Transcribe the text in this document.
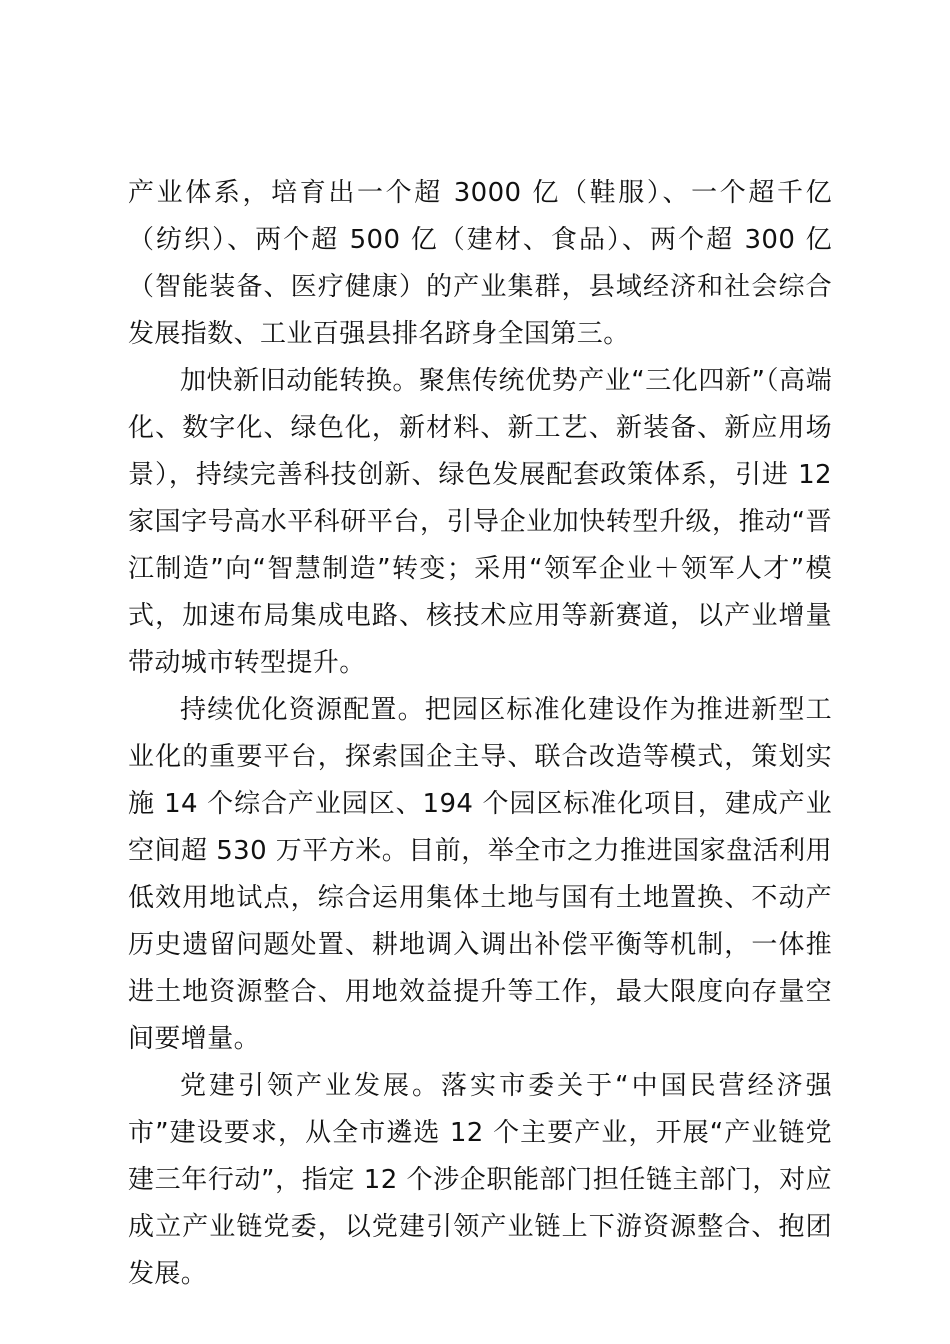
产业体系，培育出一个超 3000 亿（鞋服）、一个超千亿（纺织）、两个超 500 亿（建材、食品）、两个超 300 亿（智能装备、医疗健康）的产业集群，县域经济和社会综合发展指数、工业百强县排名跻身全国第三。

加快新旧动能转换。聚焦传统优势产业“三化四新”（高端化、数字化、绿色化，新材料、新工艺、新装备、新应用场景），持续完善科技创新、绿色发展配套政策体系，引进 12 家国字号高水平科研平台，引导企业加快转型升级，推动“晋江制造”向“智慧制造”转变；采用“领军企业＋领军人才”模式，加速布局集成电路、核技术应用等新赛道，以产业增量带动城市转型提升。

持续优化资源配置。把园区标准化建设作为推进新型工业化的重要平台，探索国企主导、联合改造等模式，策划实施 14 个综合产业园区、194 个园区标准化项目，建成产业空间超 530 万平方米。目前，举全市之力推进国家盘活利用低效用地试点，综合运用集体土地与国有土地置换、不动产历史遗留问题处置、耕地调入调出补偿平衡等机制，一体推进土地资源整合、用地效益提升等工作，最大限度向存量空间要增量。

党建引领产业发展。落实市委关于“中国民营经济强市”建设要求，从全市遴选 12 个主要产业，开展“产业链党建三年行动”，指定 12 个涉企职能部门担任链主部门，对应成立产业链党委，以党建引领产业链上下游资源整合、抱团发展。
